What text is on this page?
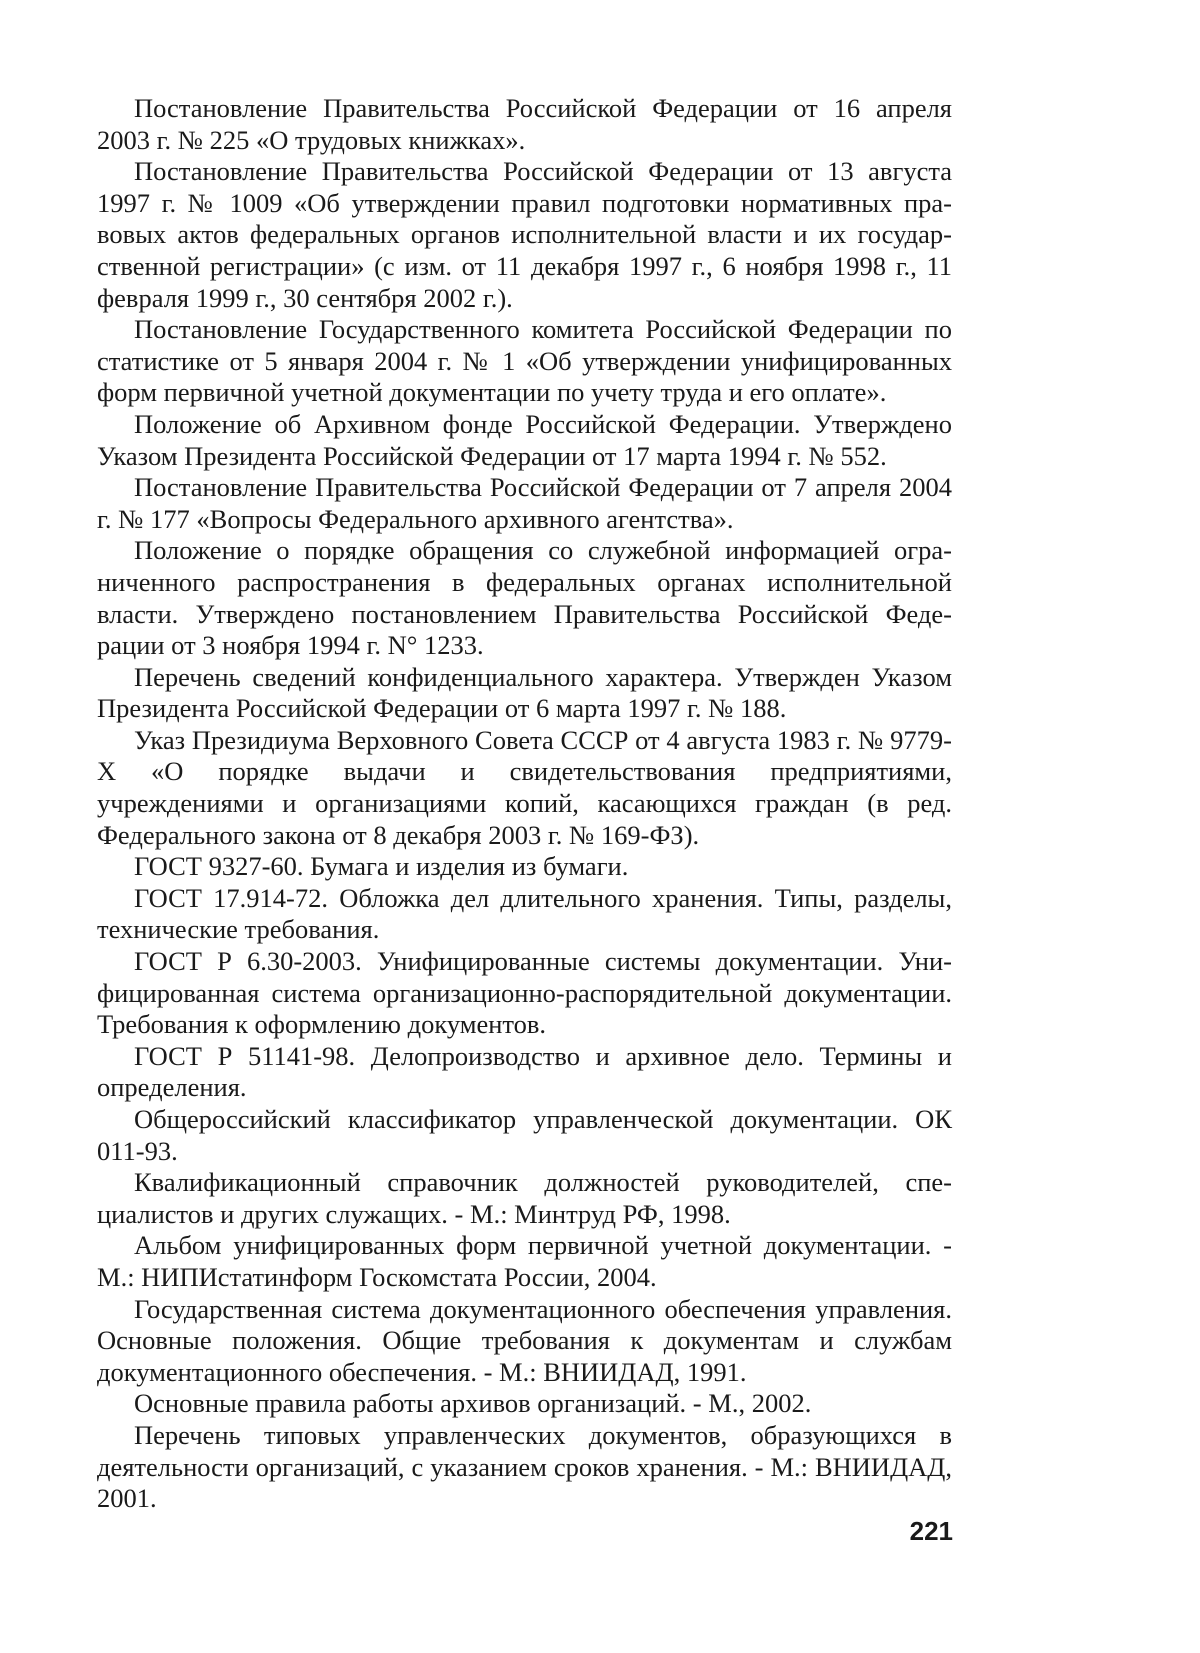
Постановление Правительства Российской Федерации от 16 апреля 2003 г. № 225 «О трудовых книжках».

Постановление Правительства Российской Федерации от 13 августа 1997 г. № 1009 «Об утверждении правил подготовки нормативных правовых актов федеральных органов исполнительной власти и их государственной регистрации» (с изм. от 11 декабря 1997 г., 6 ноября 1998 г., 11 февраля 1999 г., 30 сентября 2002 г.).

Постановление Государственного комитета Российской Федерации по статистике от 5 января 2004 г. № 1 «Об утверждении унифицированных форм первичной учетной документации по учету труда и его оплате».

Положение об Архивном фонде Российской Федерации. Утверждено Указом Президента Российской Федерации от 17 марта 1994 г. № 552.

Постановление Правительства Российской Федерации от 7 апреля 2004 г. № 177 «Вопросы Федерального архивного агентства».

Положение о порядке обращения со служебной информацией ограниченного распространения в федеральных органах исполнительной власти. Утверждено постановлением Правительства Российской Федерации от 3 ноября 1994 г. N° 1233.

Перечень сведений конфиденциального характера. Утвержден Указом Президента Российской Федерации от 6 марта 1997 г. № 188.

Указ Президиума Верховного Совета СССР от 4 августа 1983 г. № 9779-Х «О порядке выдачи и свидетельствования предприятиями, учреждениями и организациями копий, касающихся граждан (в ред. Федерального закона от 8 декабря 2003 г. № 169-ФЗ).

ГОСТ 9327-60. Бумага и изделия из бумаги.

ГОСТ 17.914-72. Обложка дел длительного хранения. Типы, разделы, технические требования.

ГОСТ Р 6.30-2003. Унифицированные системы документации. Унифицированная система организационно-распорядительной документации. Требования к оформлению документов.

ГОСТ Р 51141-98. Делопроизводство и архивное дело. Термины и определения.

Общероссийский классификатор управленческой документации. ОК 011-93.

Квалификационный справочник должностей руководителей, специалистов и других служащих. - М.: Минтруд РФ, 1998.

Альбом унифицированных форм первичной учетной документации. - М.: НИПИстатинформ Госкомстата России, 2004.

Государственная система документационного обеспечения управления. Основные положения. Общие требования к документам и службам документационного обеспечения. - М.: ВНИИДАД, 1991.

Основные правила работы архивов организаций. - М., 2002.

Перечень типовых управленческих документов, образующихся в деятельности организаций, с указанием сроков хранения. - М.: ВНИИДАД, 2001.

221
